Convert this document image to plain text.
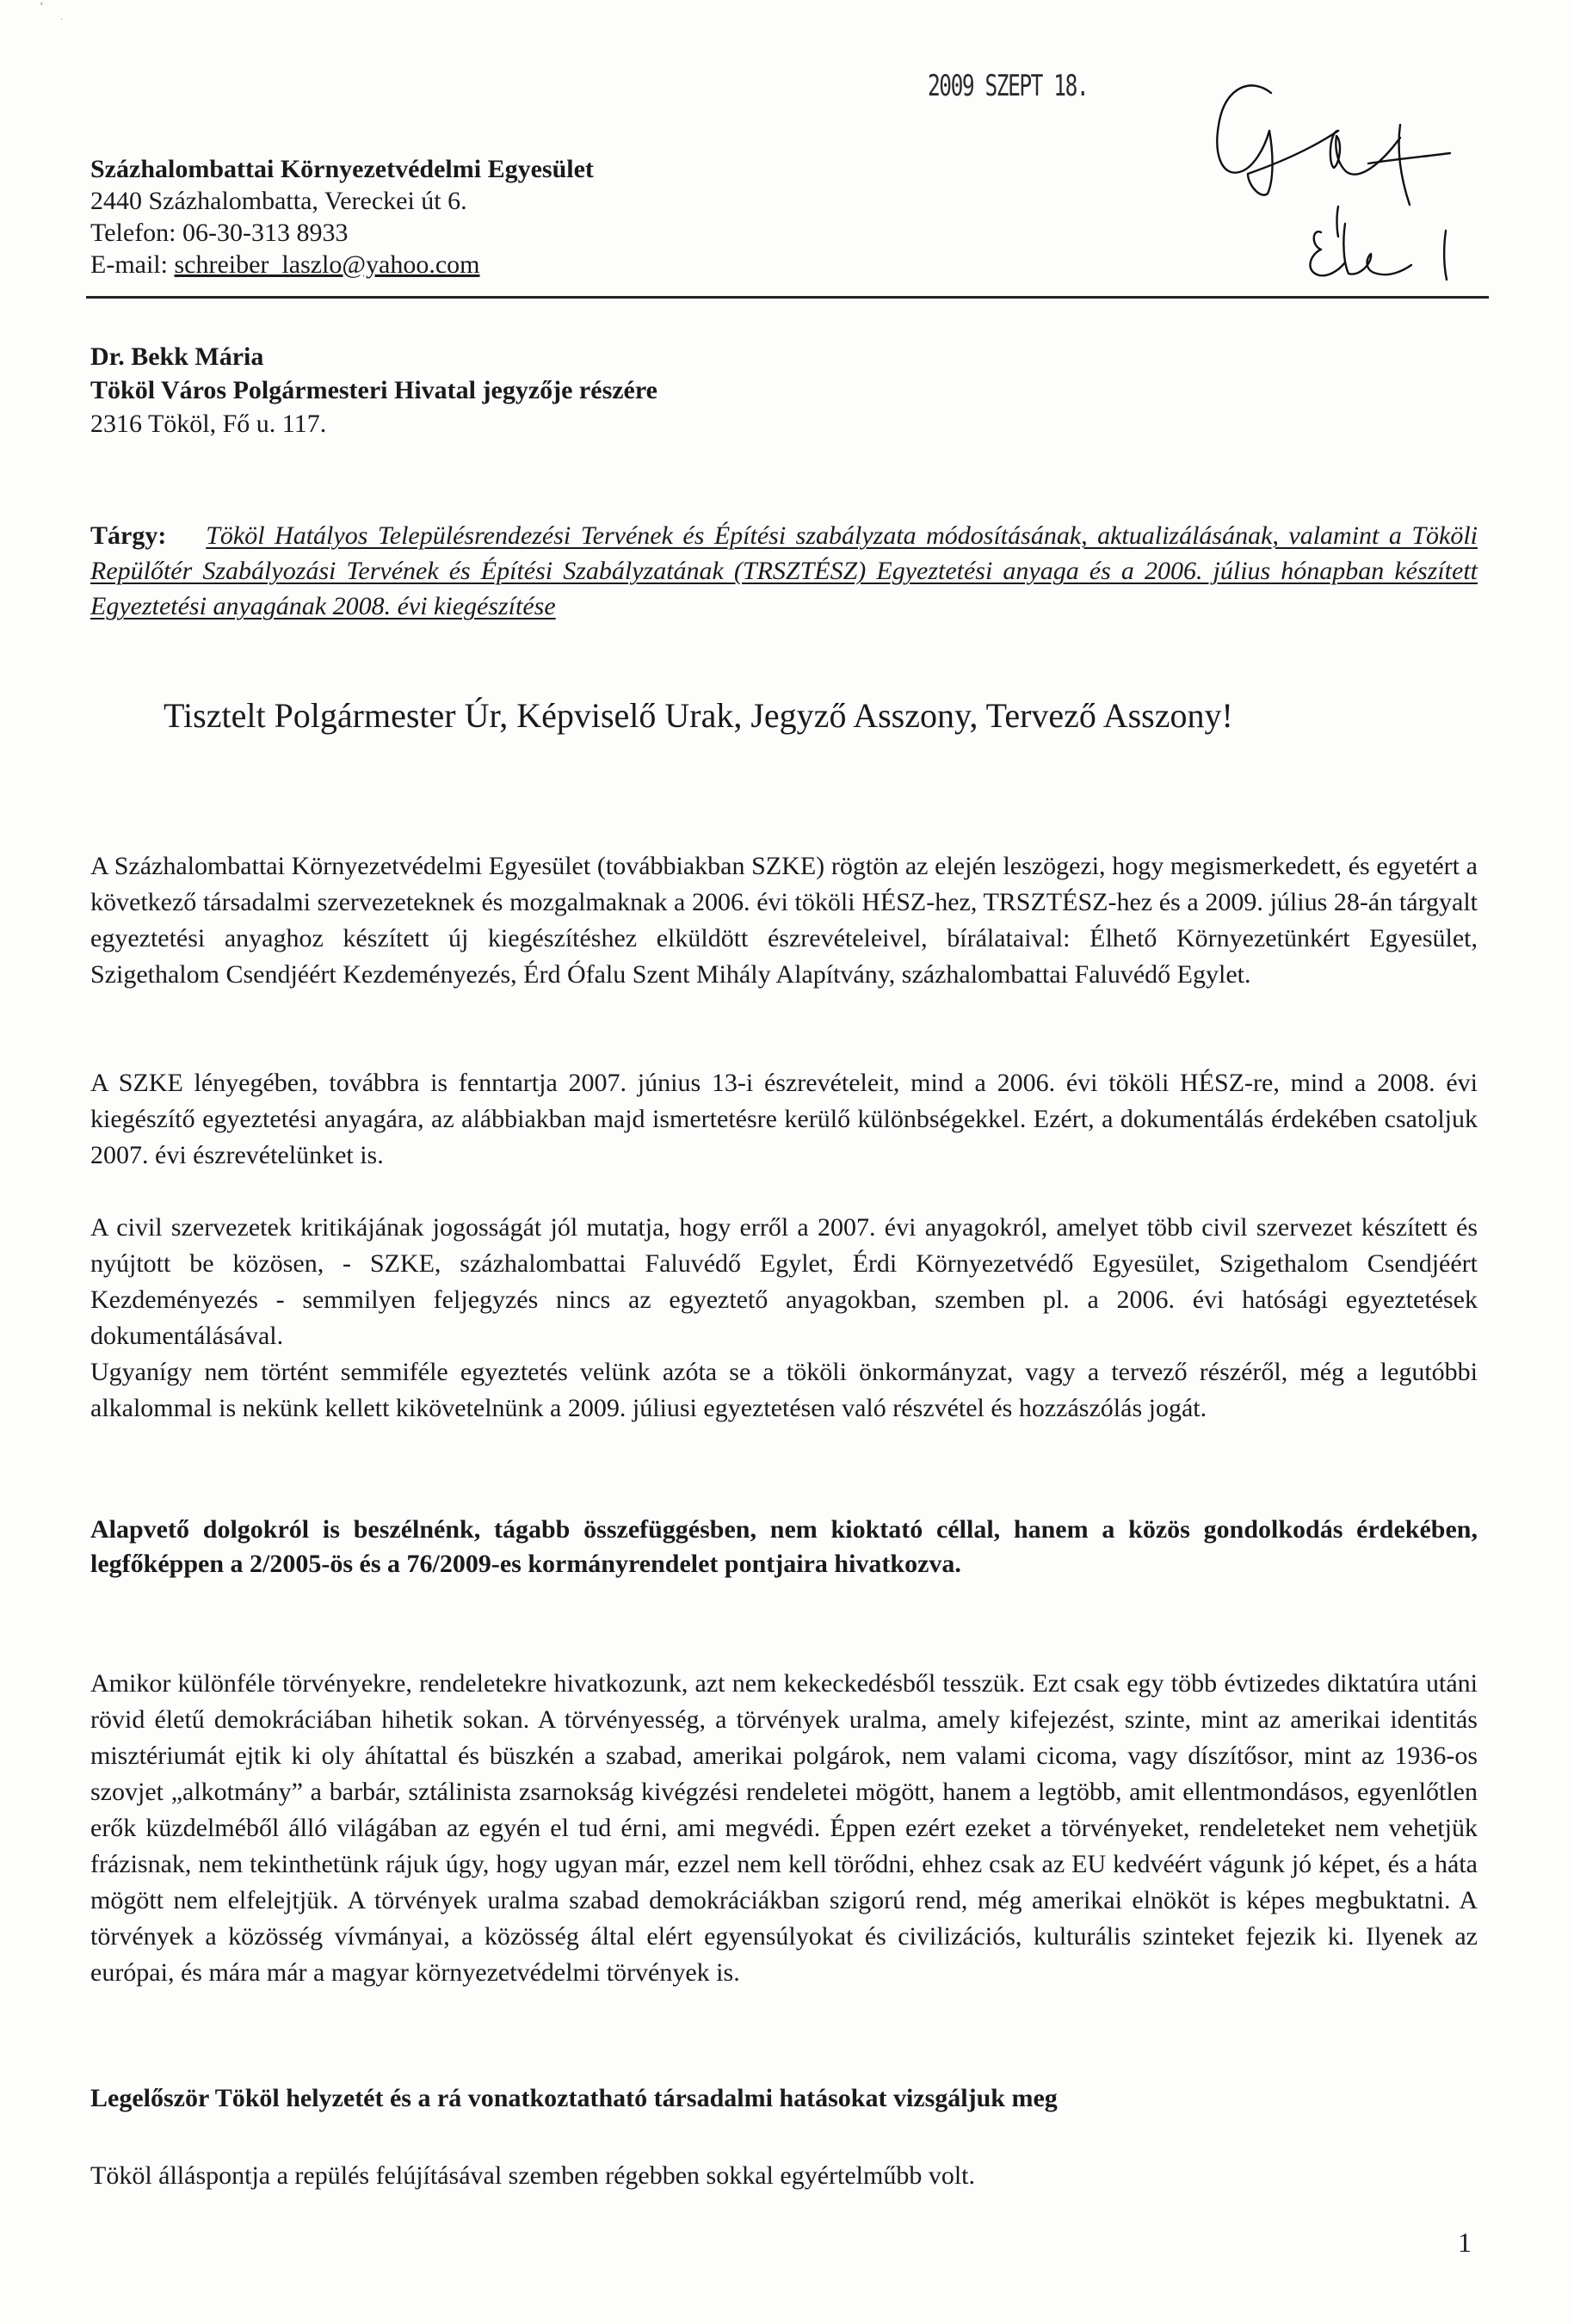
ʻ
·
2009 SZEPT 18.
Százhalombattai Környezetvédelmi Egyesület
2440 Százhalombatta, Vereckei út 6.
Telefon: 06-30-313 8933
E-mail: schreiber_laszlo@yahoo.com
Dr. Bekk Mária
Tököl Város Polgármesteri Hivatal jegyzője részére
2316 Tököl, Fő u. 117.
Tárgy: Tököl Hatályos Településrendezési Tervének és Építési szabályzata módosításának, aktualizálásának, valamint a Tököli Repülőtér Szabályozási Tervének és Építési Szabályzatának (TRSZTÉSZ) Egyeztetési anyaga és a 2006. július hónapban készített Egyeztetési anyagának 2008. évi kiegészítése
Tisztelt Polgármester Úr, Képviselő Urak, Jegyző Asszony, Tervező Asszony!

A Százhalombattai Környezetvédelmi Egyesület (továbbiakban SZKE) rögtön az elején leszögezi, hogy megismerkedett, és egyetért a következő társadalmi szervezeteknek és mozgalmaknak a 2006. évi tököli HÉSZ-hez, TRSZTÉSZ-hez és a 2009. július 28-án tárgyalt egyeztetési anyaghoz készített új kiegészítéshez elküldött észrevételeivel, bírálataival: Élhető Környezetünkért Egyesület, Szigethalom Csendjéért Kezdeményezés, Érd Ófalu Szent Mihály Alapítvány, százhalombattai Faluvédő Egylet.

A SZKE lényegében, továbbra is fenntartja 2007. június 13-i észrevételeit, mind a 2006. évi tököli HÉSZ-re, mind a 2008. évi kiegészítő egyeztetési anyagára, az alábbiakban majd ismertetésre kerülő különbségekkel. Ezért, a dokumentálás érdekében csatoljuk 2007. évi észrevételünket is.

A civil szervezetek kritikájának jogosságát jól mutatja, hogy erről a 2007. évi anyagokról, amelyet több civil szervezet készített és nyújtott be közösen, - SZKE, százhalombattai Faluvédő Egylet, Érdi Környezetvédő Egyesület, Szigethalom Csendjéért Kezdeményezés - semmilyen feljegyzés nincs az egyeztető anyagokban, szemben pl. a 2006. évi hatósági egyeztetések dokumentálásával.

Ugyanígy nem történt semmiféle egyeztetés velünk azóta se a tököli önkormányzat, vagy a tervező részéről, még a legutóbbi alkalommal is nekünk kellett kikövetelnünk a 2009. júliusi egyeztetésen való részvétel és hozzászólás jogát.

Alapvető dolgokról is beszélnénk, tágabb összefüggésben, nem kioktató céllal, hanem a közös gondolkodás érdekében, legfőképpen a 2/2005-ös és a 76/2009-es kormányrendelet pontjaira hivatkozva.

Amikor különféle törvényekre, rendeletekre hivatkozunk, azt nem kekeckedésből tesszük. Ezt csak egy több évtizedes diktatúra utáni rövid életű demokráciában hihetik sokan. A törvényesség, a törvények uralma, amely kifejezést, szinte, mint az amerikai identitás misztériumát ejtik ki oly áhítattal és büszkén a szabad, amerikai polgárok, nem valami cicoma, vagy díszítősor, mint az 1936-os szovjet „alkotmány” a barbár, sztálinista zsarnokság kivégzési rendeletei mögött, hanem a legtöbb, amit ellentmondásos, egyenlőtlen erők küzdelméből álló világában az egyén el tud érni, ami megvédi. Éppen ezért ezeket a törvényeket, rendeleteket nem vehetjük frázisnak, nem tekinthetünk rájuk úgy, hogy ugyan már, ezzel nem kell törődni, ehhez csak az EU kedvéért vágunk jó képet, és a háta mögött nem elfelejtjük. A törvények uralma szabad demokráciákban szigorú rend, még amerikai elnököt is képes megbuktatni. A törvények a közösség vívmányai, a közösség által elért egyensúlyokat és civilizációs, kulturális szinteket fejezik ki. Ilyenek az európai, és mára már a magyar környezetvédelmi törvények is.

Legelőször Tököl helyzetét és a rá vonatkoztatható társadalmi hatásokat vizsgáljuk meg
Tököl álláspontja a repülés felújításával szemben régebben sokkal egyértelműbb volt.
1
